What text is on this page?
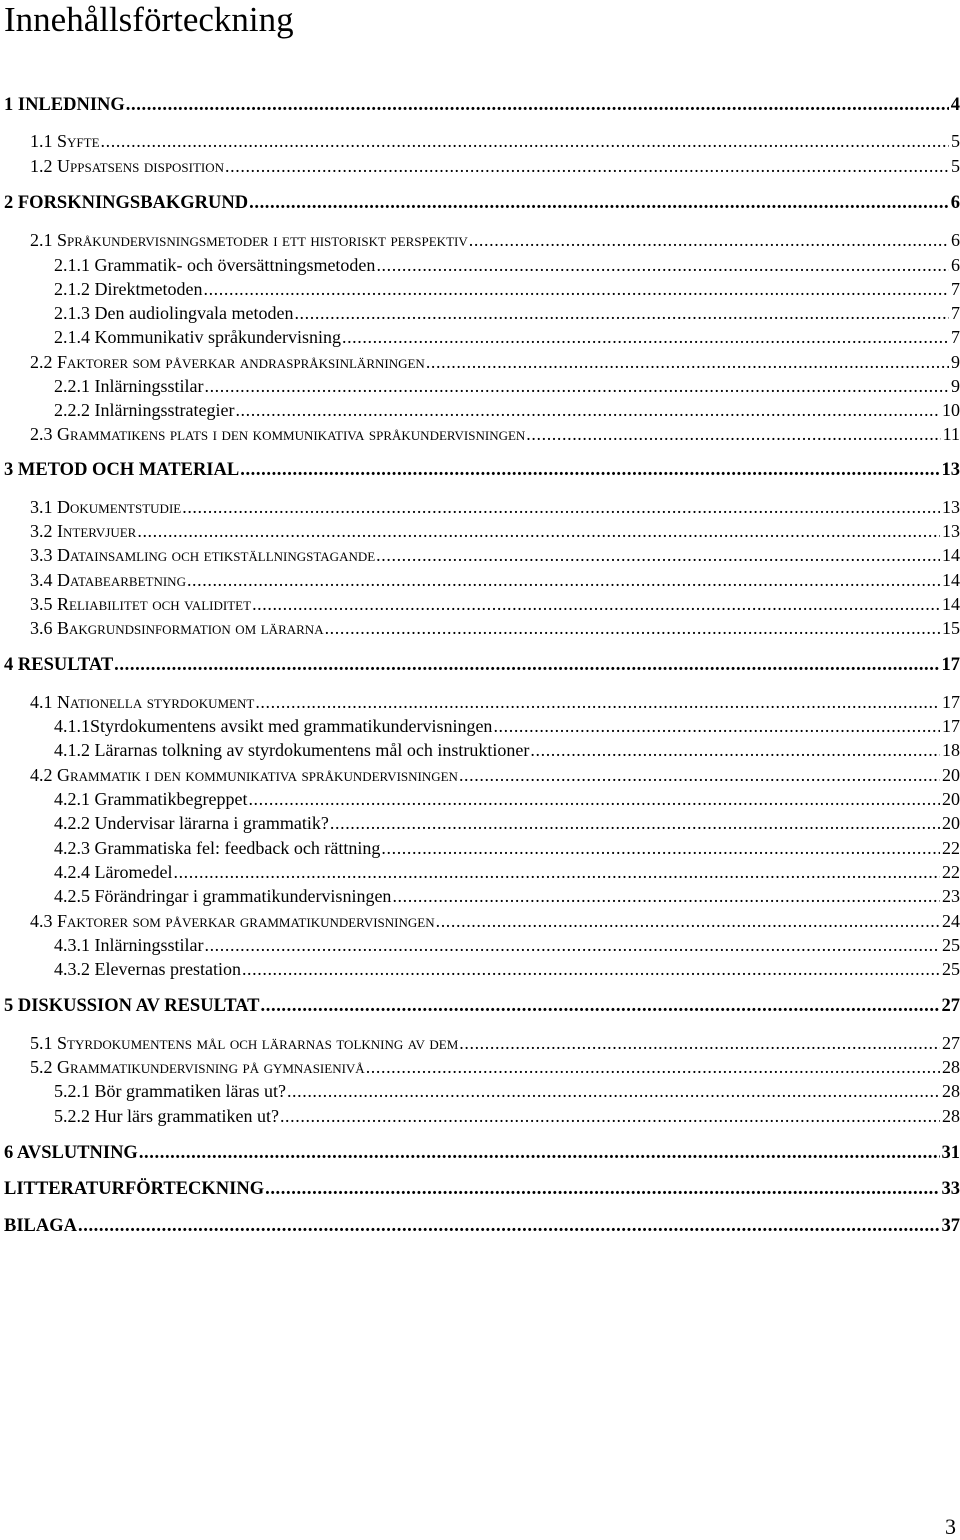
Innehållsförteckning
1 INLEDNING .....	4
1.1 Syfte .....	5
1.2 Uppsatsens disposition .....	5
2 FORSKNINGSBAKGRUND .....	6
2.1 Språkundervisningsmetoder i ett historiskt perspektiv .....	6
2.1.1 Grammatik- och översättningsmetoden .....	6
2.1.2 Direktmetoden .....	7
2.1.3 Den audiolingvala metoden .....	7
2.1.4 Kommunikativ språkundervisning .....	7
2.2 Faktorer som påverkar andraspråksinlärningen .....	9
2.2.1 Inlärningsstilar .....	9
2.2.2 Inlärningsstrategier .....	10
2.3 Grammatikens plats i den kommunikativa språkundervisningen .....	11
3 METOD OCH MATERIAL .....	13
3.1 Dokumentstudie .....	13
3.2 Intervjuer .....	13
3.3 Datainsamling och etikställningstagande .....	14
3.4 Databearbetning .....	14
3.5 Reliabilitet och validitet .....	14
3.6 Bakgrundsinformation om lärarna .....	15
4 RESULTAT .....	17
4.1 Nationella styrdokument .....	17
4.1.1Styrdokumentens avsikt med grammatikundervisningen .....	17
4.1.2 Lärarnas tolkning av styrdokumentens mål och instruktioner .....	18
4.2 Grammatik i den kommunikativa språkundervisningen .....	20
4.2.1 Grammatikbegreppet .....	20
4.2.2 Undervisar lärarna i grammatik? .....	20
4.2.3 Grammatiska fel: feedback och rättning .....	22
4.2.4 Läromedel .....	22
4.2.5 Förändringar i grammatikundervisningen .....	23
4.3 Faktorer som påverkar grammatikundervisningen .....	24
4.3.1 Inlärningsstilar .....	25
4.3.2 Elevernas prestation .....	25
5 DISKUSSION AV RESULTAT .....	27
5.1 Styrdokumentens mål och lärarnas tolkning av dem .....	27
5.2 Grammatikundervisning på gymnasienivå .....	28
5.2.1 Bör grammatiken läras ut? .....	28
5.2.2 Hur lärs grammatiken ut? .....	28
6 AVSLUTNING .....	31
LITTERATURFÖRTECKNING .....	33
BILAGA .....	37
3
